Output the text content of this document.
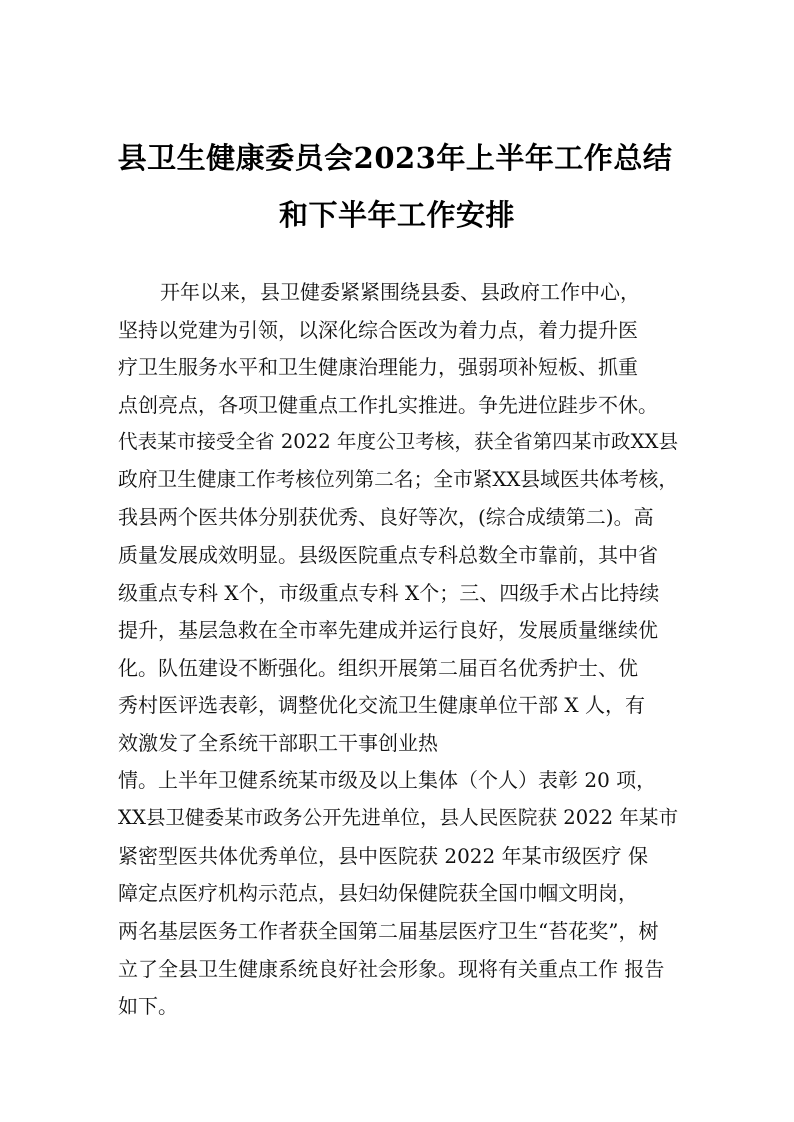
县卫生健康委员会2023年上半年工作总结
和下半年工作安排
开年以来，县卫健委紧紧围绕县委、县政府工作中心，
坚持以党建为引领，以深化综合医改为着力点，着力提升医
疗卫生服务水平和卫生健康治理能力，强弱项补短板、抓重
点创亮点，各项卫健重点工作扎实推进。争先进位跬步不休。
代表某市接受全省 2022 年度公卫考核，获全省第四某市政XX县
政府卫生健康工作考核位列第二名；全市紧XX县域医共体考核，
我县两个医共体分别获优秀、良好等次，(综合成绩第二)。高
质量发展成效明显。县级医院重点专科总数全市靠前，其中省
级重点专科 X个，市级重点专科 X个；三、四级手术占比持续
提升，基层急救在全市率先建成并运行良好，发展质量继续优
化。队伍建设不断强化。组织开展第二届百名优秀护士、优
秀村医评选表彰，调整优化交流卫生健康单位干部 X 人，有
效激发了全系统干部职工干事创业热
情。上半年卫健系统某市级及以上集体（个人）表彰 20 项，
XX县卫健委某市政务公开先进单位，县人民医院获 2022 年某市
紧密型医共体优秀单位，县中医院获 2022 年某市级医疗 保
障定点医疗机构示范点，县妇幼保健院获全国巾帼文明岗，
两名基层医务工作者获全国第二届基层医疗卫生“苔花奖”，树
立了全县卫生健康系统良好社会形象。现将有关重点工作 报告
如下。
